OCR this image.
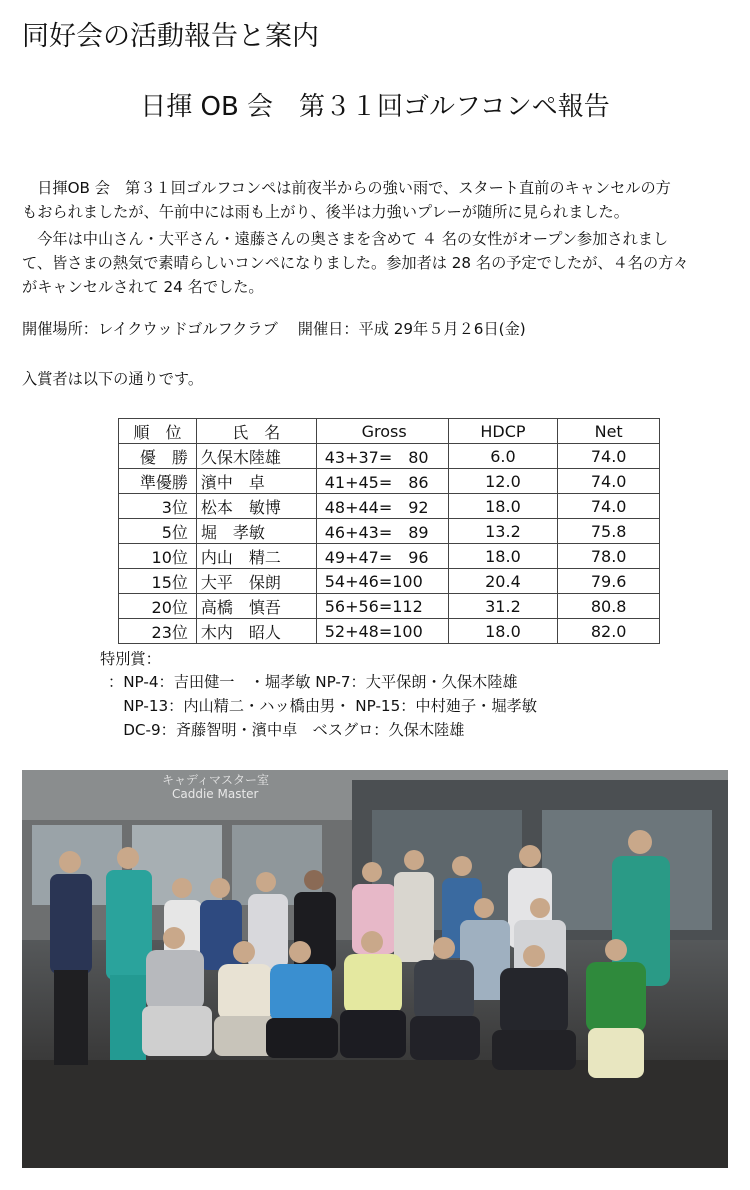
同好会の活動報告と案内
日揮 OB 会　第３１回ゴルフコンペ報告
　日揮OB 会　第３１回ゴルフコンペは前夜半からの強い雨で、スタート直前のキャンセルの方
もおられましたが、午前中には雨も上がり、後半は力強いプレーが随所に見られました。
　今年は中山さん・大平さん・遠藤さんの奥さまを含めて ４ 名の女性がオープン参加されまし
て、皆さまの熱気で素晴らしいコンペになりました。参加者は 28 名の予定でしたが、４名の方々
がキャンセルされて 24 名でした。
開催場所：レイクウッドゴルフクラブ　 開催日：平成 29年５月２6日(金)
入賞者は以下の通りです。
順　位	氏　名	Gross	HDCP	Net
優　勝	久保木陸雄	43+37=　80	6.0	74.0
準優勝	濱中　卓	41+45=　86	12.0	74.0
3位	松本　敏博	48+44=　92	18.0	74.0
5位	堀　孝敏	46+43=　89	13.2	75.8
10位	内山　精二	49+47=　96	18.0	78.0
15位	大平　保朗	54+46=100	20.4	79.6
20位	高橋　慎吾	56+56=112	31.2	80.8
23位	木内　昭人	52+48=100	18.0	82.0
特別賞：
：NP-4：吉田健一　・堀孝敏 NP-7：大平保朗・久保木陸雄
　NP-13：内山精二・ハッ橋由男・ NP-15：中村廸子・堀孝敏
　DC-9：斉藤智明・濱中卓　ベスグロ：久保木陸雄
キャディマスター室
Caddie Master
